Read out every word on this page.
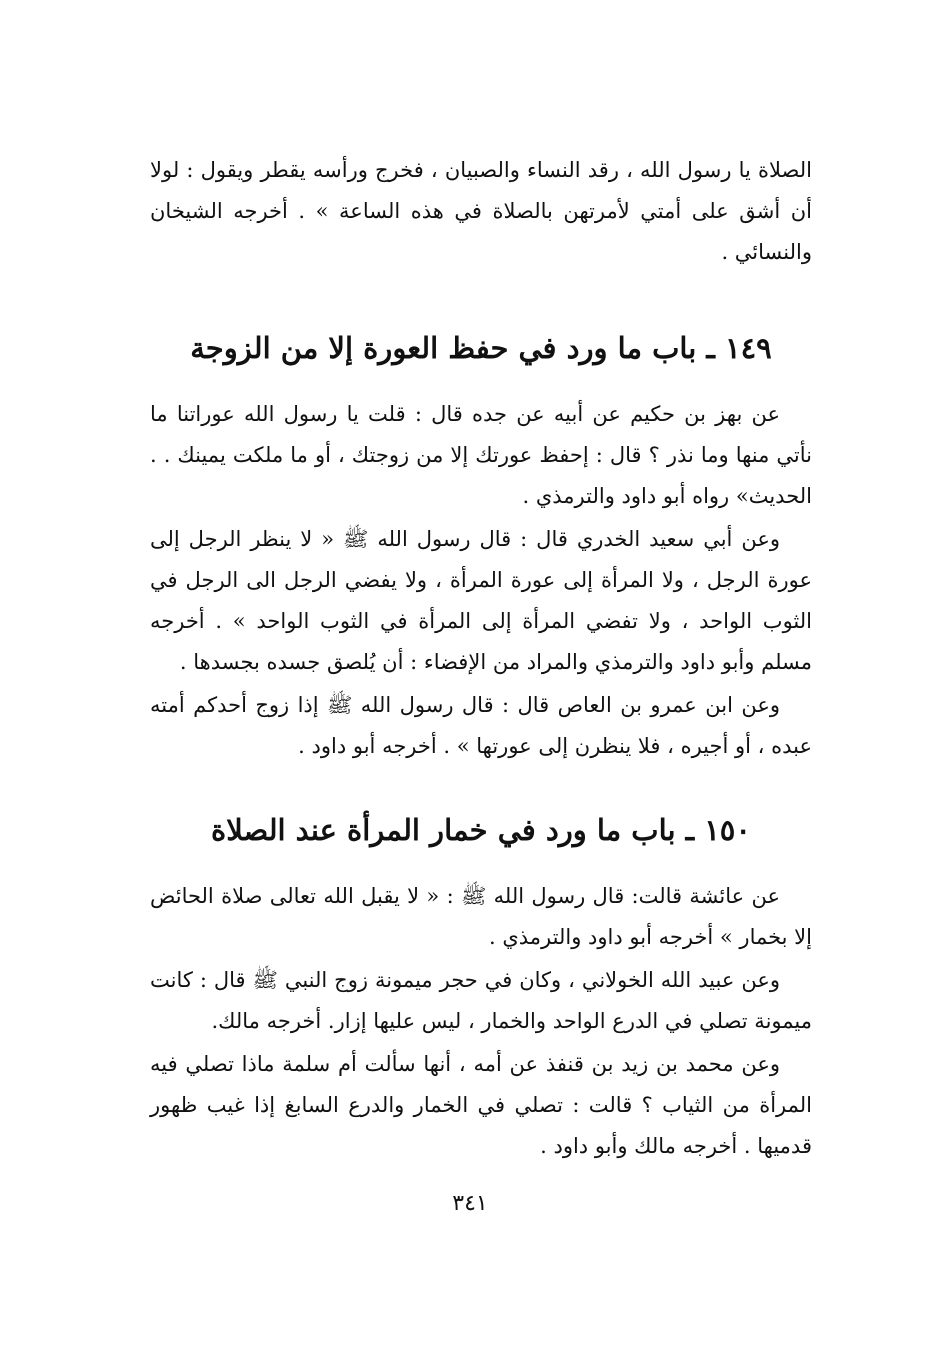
الصلاة يا رسول الله ، رقد النساء والصبيان ، فخرج ورأسه يقطر ويقول : لولا أن أشق على أمتي لأمرتهن بالصلاة في هذه الساعة » . أخرجه الشيخان والنسائي .

١٤٩ ـ باب ما ورد في حفظ العورة إلا من الزوجة

عن بهز بن حكيم عن أبيه عن جده قال : قلت يا رسول الله عوراتنا ما نأتي منها وما نذر ؟ قال : إحفظ عورتك إلا من زوجتك ، أو ما ملكت يمينك . . الحديث» رواه أبو داود والترمذي .

وعن أبي سعيد الخدري قال : قال رسول الله ﷺ « لا ينظر الرجل إلى عورة الرجل ، ولا المرأة إلى عورة المرأة ، ولا يفضي الرجل الى الرجل في الثوب الواحد ، ولا تفضي المرأة إلى المرأة في الثوب الواحد » . أخرجه مسلم وأبو داود والترمذي والمراد من الإفضاء : أن يُلصق جسده بجسدها .

وعن ابن عمرو بن العاص قال : قال رسول الله ﷺ إذا زوج أحدكم أمته عبده ، أو أجيره ، فلا ينظرن إلى عورتها » . أخرجه أبو داود .

١٥٠ ـ باب ما ورد في خمار المرأة عند الصلاة

عن عائشة قالت: قال رسول الله ﷺ : « لا يقبل الله تعالى صلاة الحائض إلا بخمار » أخرجه أبو داود والترمذي .

وعن عبيد الله الخولاني ، وكان في حجر ميمونة زوج النبي ﷺ قال : كانت ميمونة تصلي في الدرع الواحد والخمار ، ليس عليها إزار. أخرجه مالك.

وعن محمد بن زيد بن قنفذ عن أمه ، أنها سألت أم سلمة ماذا تصلي فيه المرأة من الثياب ؟ قالت : تصلي في الخمار والدرع السابغ إذا غيب ظهور قدميها . أخرجه مالك وأبو داود .

٣٤١
